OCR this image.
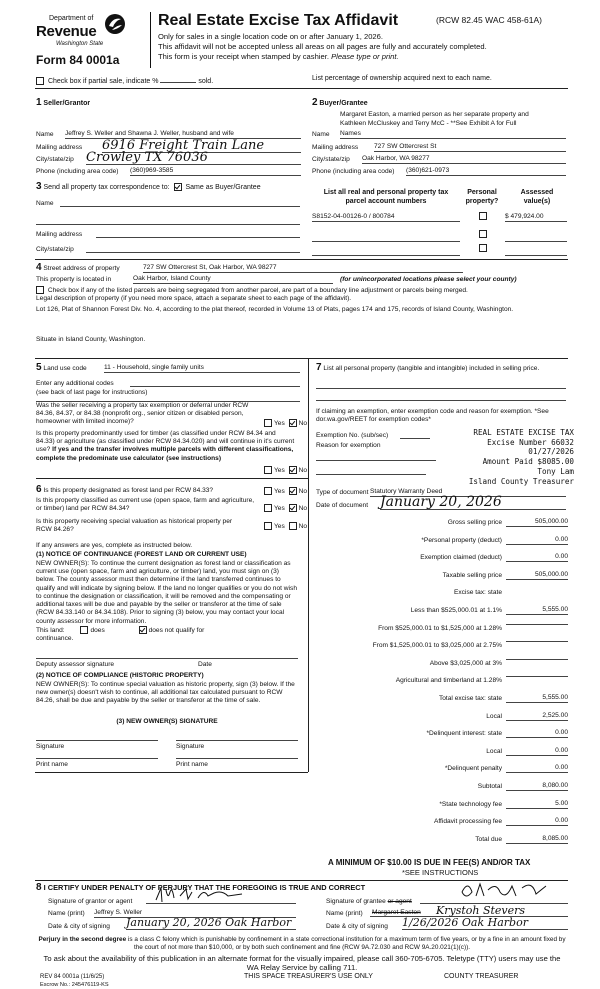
Department of
Revenue
Washington State
Form 84 0001a
Real Estate Excise Tax Affidavit	(RCW 82.45 WAC 458-61A)
Only for sales in a single location code on or after January 1, 2026.
This affidavit will not be accepted unless all areas on all pages are fully and accurately completed.
This form is your receipt when stamped by cashier. Please type or print.
Check box if partial sale, indicate %	sold.	List percentage of ownership acquired next to each name.
1 Seller/Grantor
Name Jeffrey S. Weller and Shawna J. Weller, husband and wife
Mailing address 6916 Freight Train Lane
City/state/zip Crowley TX 76036
Phone (including area code) (360)969-3585
2 Buyer/Grantee
Margaret Easton, a married person as her separate property and
Kathleen McCluskey and Terry McC - **See Exhibit A for Full
Name Names
Mailing address 727 SW Ottercrest St
City/state/zip Oak Harbor, WA 98277
Phone (including area code) (360)621-0973
3 Send all property tax correspondence to: Same as Buyer/Grantee
Name
Mailing address
City/state/zip
List all real and personal property tax parcel account numbers
Personal property?
Assessed value(s)
S8152-04-00126-0 / 800784	$ 479,924.00
4 Street address of property	727 SW Ottercrest St, Oak Harbor, WA 98277
This property is located in	Oak Harbor, Island County	(for unincorporated locations please select your county)
Check box if any of the listed parcels are being segregated from another parcel, are part of a boundary line adjustment or parcels being merged.
Legal description of property (if you need more space, attach a separate sheet to each page of the affidavit).
Lot 126, Plat of Shannon Forest Div. No. 4, according to the plat thereof, recorded in Volume 13 of Plats, pages 174 and 175, records of Island County, Washington.
Situate in Island County, Washington.
5 Land use code	11 - Household, single family units
Enter any additional codes
(see back of last page for instructions)
Was the seller receiving a property tax exemption or deferral under RCW 84.36, 84.37, or 84.38 (nonprofit org., senior citizen or disabled person, homeowner with limited income)?	Yes No
Is this property predominantly used for timber (as classified under RCW 84.34 and 84.33) or agriculture (as classified under RCW 84.34.020) and will continue in it's current use? If yes and the transfer involves multiple parcels with different classifications, complete the predominate use calculator (see instructions)
Yes No
6 Is this property designated as forest land per RCW 84.33?	Yes No
Is this property classified as current use (open space, farm and agriculture, or timber) land per RCW 84.34?	Yes No
Is this property receiving special valuation as historical property per RCW 84.26?	Yes No
If any answers are yes, complete as instructed below.
(1) NOTICE OF CONTINUANCE (FOREST LAND OR CURRENT USE)
NEW OWNER(S): To continue the current designation as forest land or classification as current use (open space, farm and agriculture, or timber) land, you must sign on (3) below. The county assessor must then determine if the land transferred continues to qualify and will indicate by signing below. If the land no longer qualifies or you do not wish to continue the designation or classification, it will be removed and the compensating or additional taxes will be due and payable by the seller or transferor at the time of sale (RCW 84.33.140 or 84.34.108). Prior to signing (3) below, you may contact your local county assessor for more information.
This land:	does	does not qualify for
continuance.
Deputy assessor signature	Date
(2) NOTICE OF COMPLIANCE (HISTORIC PROPERTY)
NEW OWNER(S): To continue special valuation as historic property, sign (3) below. If the new owner(s) doesn't wish to continue, all additional tax calculated pursuant to RCW 84.26, shall be due and payable by the seller or transferor at the time of sale.
(3) NEW OWNER(S) SIGNATURE
Signature	Signature
Print name	Print name
7 List all personal property (tangible and intangible) included in selling price.
If claiming an exemption, enter exemption code and reason for exemption. *See dor.wa.gov/REET for exemption codes*
Exemption No. (sub/sec)
Reason for exemption
REAL ESTATE EXCISE TAX
Excise Number 66032
01/27/2026
Amount Paid $8085.00
Tony Lam
Island County Treasurer
Type of document Statutory Warranty Deed
Date of document January 20, 2026
Gross selling price	505,000.00
*Personal property (deduct)	0.00
Exemption claimed (deduct)	0.00
Taxable selling price	505,000.00
Excise tax: state
Less than $525,000.01 at 1.1%	5,555.00
From $525,000.01 to $1,525,000 at 1.28%
From $1,525,000.01 to $3,025,000 at 2.75%
Above $3,025,000 at 3%
Agricultural and timberland at 1.28%
Total excise tax: state	5,555.00
Local	2,525.00
*Delinquent interest: state	0.00
Local	0.00
*Delinquent penalty	0.00
Subtotal	8,080.00
*State technology fee	5.00
Affidavit processing fee	0.00
Total due	8,085.00
A MINIMUM OF $10.00 IS DUE IN FEE(S) AND/OR TAX
*SEE INSTRUCTIONS
8 I CERTIFY UNDER PENALTY OF PERJURY THAT THE FOREGOING IS TRUE AND CORRECT
Signature of grantor or agent
Name (print) Jeffrey S. Weller
Date & city of signing January 20, 2026 Oak Harbor
Signature of grantee or agent
Name (print) Margaret Easton Krystoh Stevers
Date & city of signing 1/26/2026 Oak Harbor
Perjury in the second degree is a class C felony which is punishable by confinement in a state correctional institution for a maximum term of five years, or by a fine in an amount fixed by the court of not more than $10,000, or by both such confinement and fine (RCW 9A.72.030 and RCW 9A.20.021(1)(c)).
To ask about the availability of this publication in an alternate format for the visually impaired, please call 360-705-6705. Teletype (TTY) users may use the WA Relay Service by calling 711.
REV 84 0001a (11/6/25)	THIS SPACE TREASURER'S USE ONLY	COUNTY TREASURER
Escrow No.: 245476119-KS
